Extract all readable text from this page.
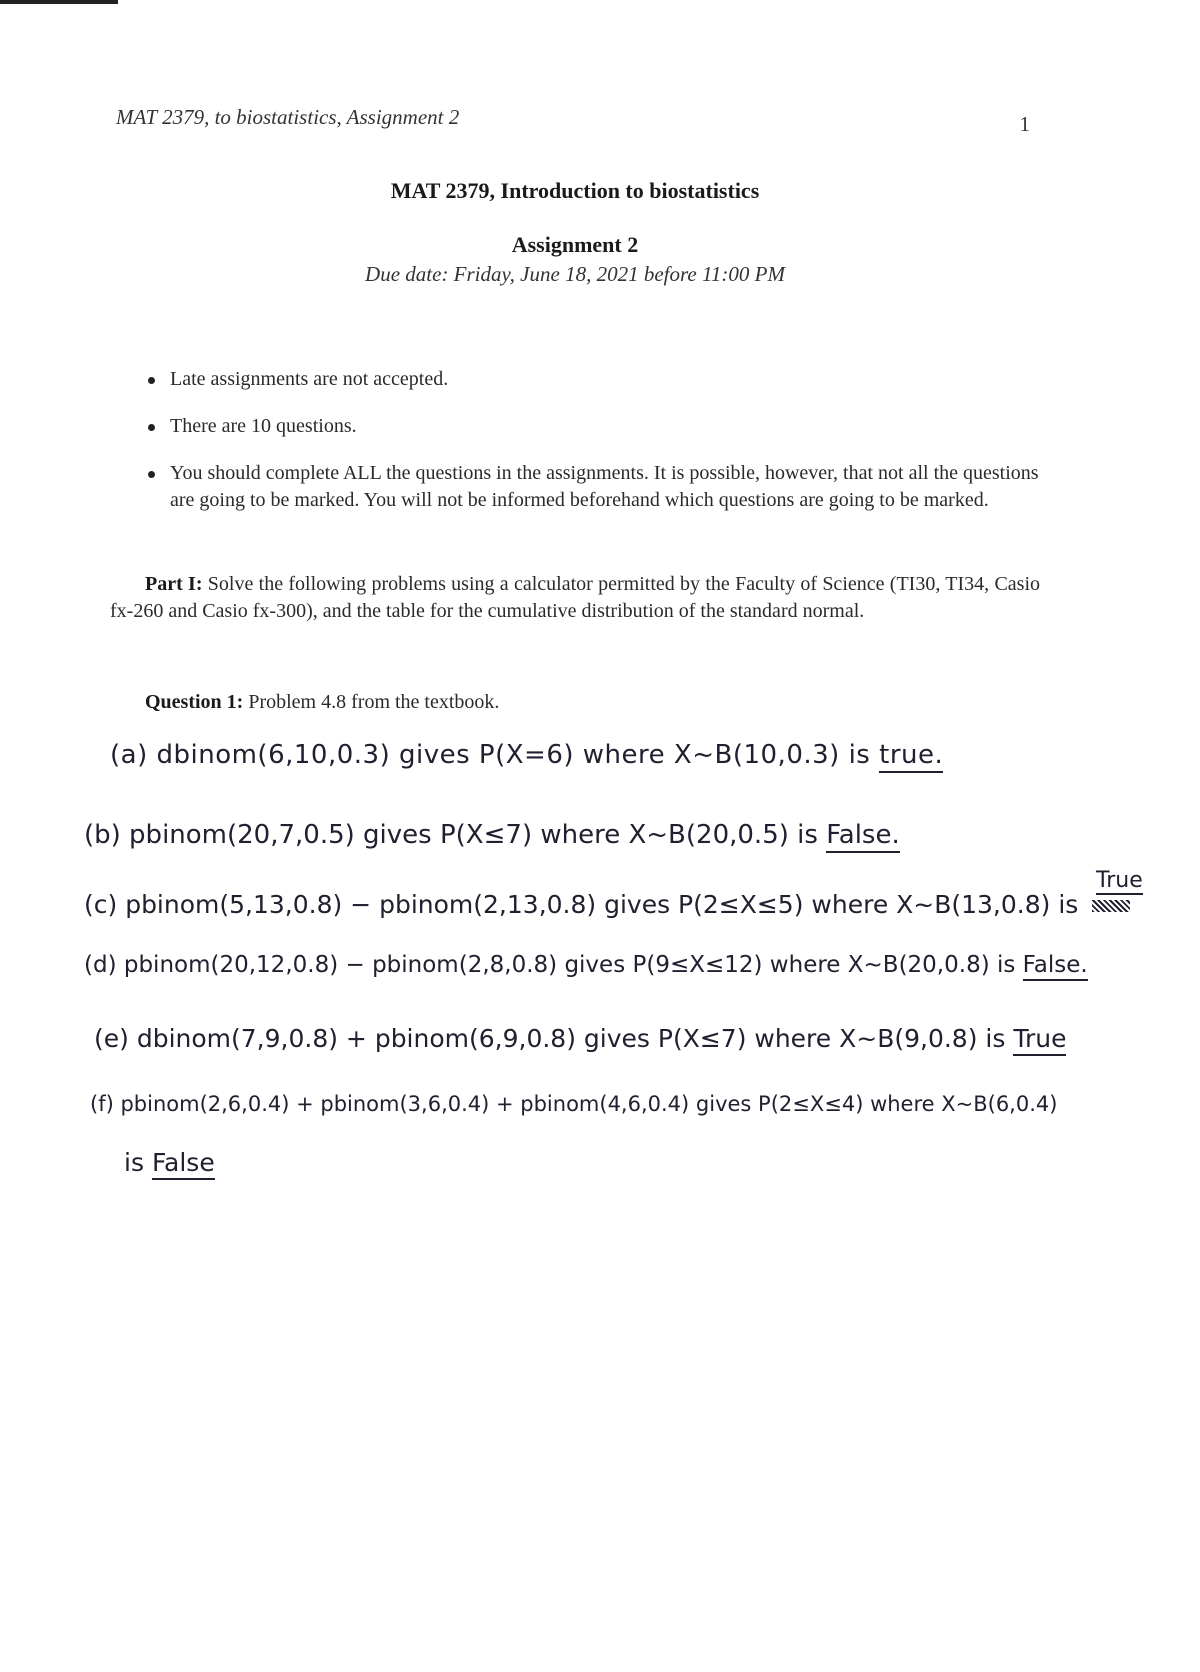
MAT 2379, to biostatistics, Assignment 2	1
MAT 2379, Introduction to biostatistics
Assignment 2
Due date: Friday, June 18, 2021 before 11:00 PM
Late assignments are not accepted.
There are 10 questions.
You should complete ALL the questions in the assignments. It is possible, however, that not all the questions are going to be marked. You will not be informed beforehand which questions are going to be marked.
Part I: Solve the following problems using a calculator permitted by the Faculty of Science (TI30, TI34, Casio fx-260 and Casio fx-300), and the table for the cumulative distribution of the standard normal.
Question 1: Problem 4.8 from the textbook.
(a) dbinom(6,10,0.3) gives P(X=6) where X~B(10,0.3) is true.
(b) pbinom(20,7,0.5) gives P(X≤7) where X~B(20,0.5) is False.
(c) pbinom(5,13,0.8) − pbinom(2,13,0.8) gives P(2≤X≤5) where X~B(13,0.8) is
True
(d) pbinom(20,12,0.8) − pbinom(2,8,0.8) gives P(9≤X≤12) where X~B(20,0.8) is False.
(e) dbinom(7,9,0.8) + pbinom(6,9,0.8) gives P(X≤7) where X~B(9,0.8) is True
(f) pbinom(2,6,0.4) + pbinom(3,6,0.4) + pbinom(4,6,0.4) gives P(2≤X≤4) where X~B(6,0.4)
is False
